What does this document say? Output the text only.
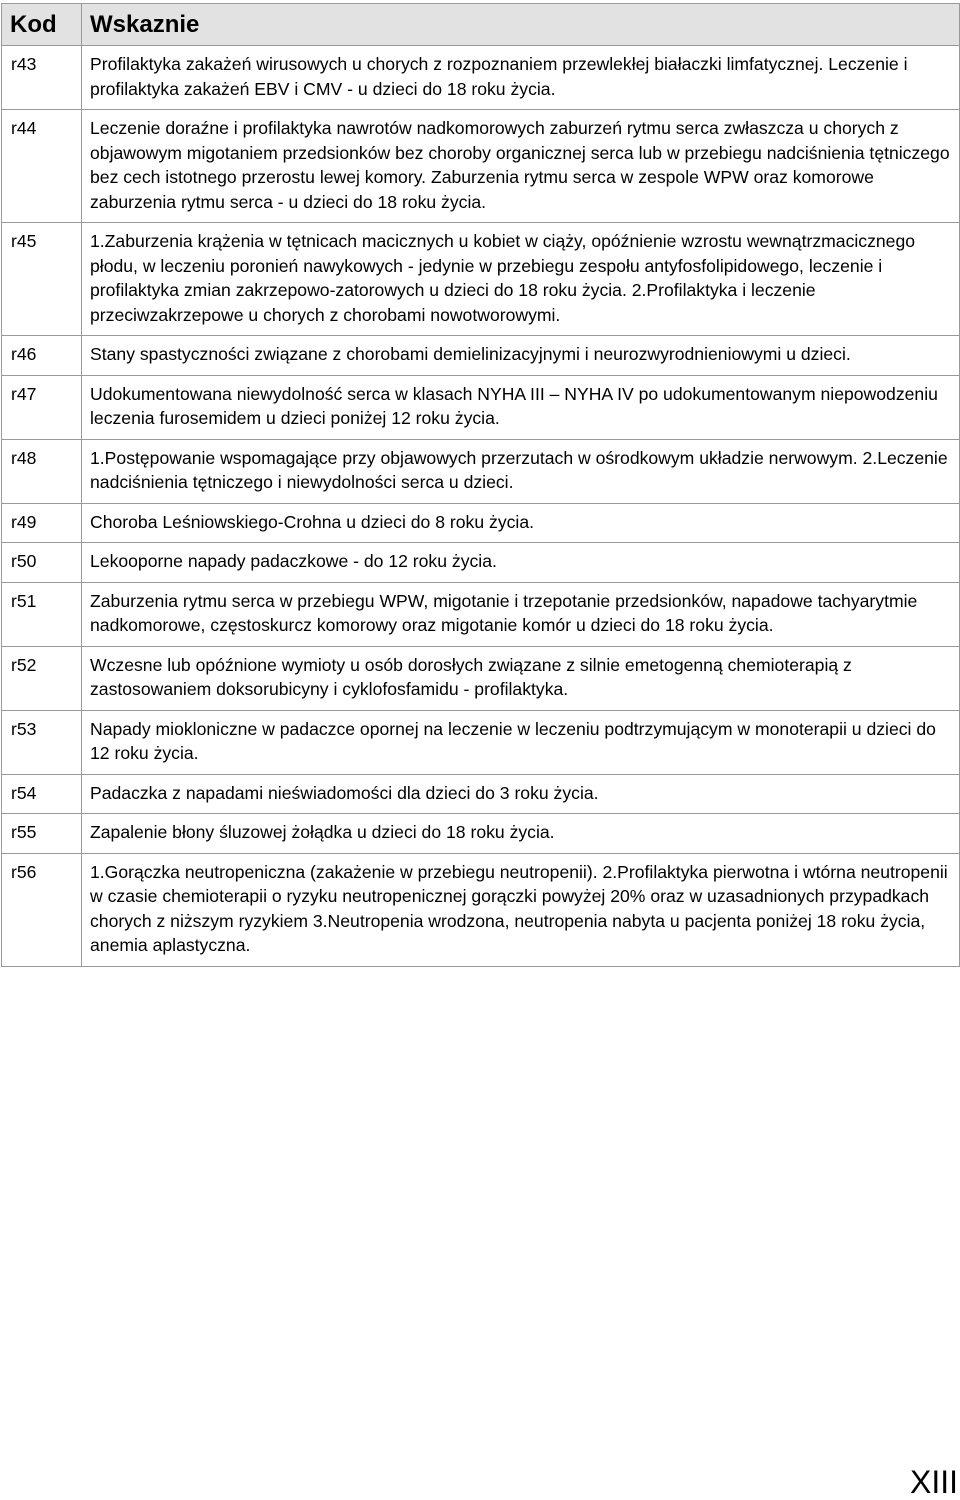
Kod	Wskaznie
r43	Profilaktyka zakażeń wirusowych u chorych z rozpoznaniem przewlekłej białaczki limfatycznej. Leczenie i profilaktyka zakażeń EBV i CMV - u dzieci do 18 roku życia.
r44	Leczenie doraźne i profilaktyka nawrotów nadkomorowych zaburzeń rytmu serca zwłaszcza u chorych z objawowym migotaniem przedsionków bez choroby organicznej serca lub w przebiegu nadciśnienia tętniczego bez cech istotnego przerostu lewej komory. Zaburzenia rytmu serca w zespole WPW oraz komorowe zaburzenia rytmu serca - u dzieci do 18 roku życia.
r45	1.Zaburzenia krążenia w tętnicach macicznych u kobiet w ciąży, opóźnienie wzrostu wewnątrzmacicznego płodu, w leczeniu poronień nawykowych - jedynie w przebiegu zespołu antyfosfolipidowego, leczenie i profilaktyka zmian zakrzepowo-zatorowych u dzieci do 18 roku życia. 2.Profilaktyka i leczenie przeciwzakrzepowe u chorych z chorobami nowotworowymi.
r46	Stany spastyczności związane z chorobami demielinizacyjnymi i neurozwyrodnieniowymi u dzieci.
r47	Udokumentowana niewydolność serca w klasach NYHA III – NYHA IV po udokumentowanym niepowodzeniu leczenia furosemidem u dzieci poniżej 12 roku życia.
r48	1.Postępowanie wspomagające przy objawowych przerzutach w ośrodkowym układzie nerwowym. 2.Leczenie nadciśnienia tętniczego i niewydolności serca u dzieci.
r49	Choroba Leśniowskiego-Crohna u dzieci do 8 roku życia.
r50	Lekooporne napady padaczkowe - do 12 roku życia.
r51	Zaburzenia rytmu serca w przebiegu WPW, migotanie i trzepotanie przedsionków, napadowe tachyarytmie nadkomorowe, częstoskurcz komorowy oraz migotanie komór u dzieci do 18 roku życia.
r52	Wczesne lub opóźnione wymioty u osób dorosłych związane z silnie emetogenną chemioterapią z zastosowaniem doksorubicyny i cyklofosfamidu - profilaktyka.
r53	Napady miokloniczne w padaczce opornej na leczenie w leczeniu podtrzymującym w monoterapii u dzieci do 12 roku życia.
r54	Padaczka z napadami nieświadomości dla dzieci do 3 roku życia.
r55	Zapalenie błony śluzowej żołądka u dzieci do 18 roku życia.
r56	1.Gorączka neutropeniczna (zakażenie w przebiegu neutropenii). 2.Profilaktyka pierwotna i wtórna neutropenii w czasie chemioterapii o ryzyku neutropenicznej gorączki powyżej 20% oraz w uzasadnionych przypadkach chorych z niższym ryzykiem 3.Neutropenia wrodzona, neutropenia nabyta u pacjenta poniżej 18 roku życia, anemia aplastyczna.
XIII
